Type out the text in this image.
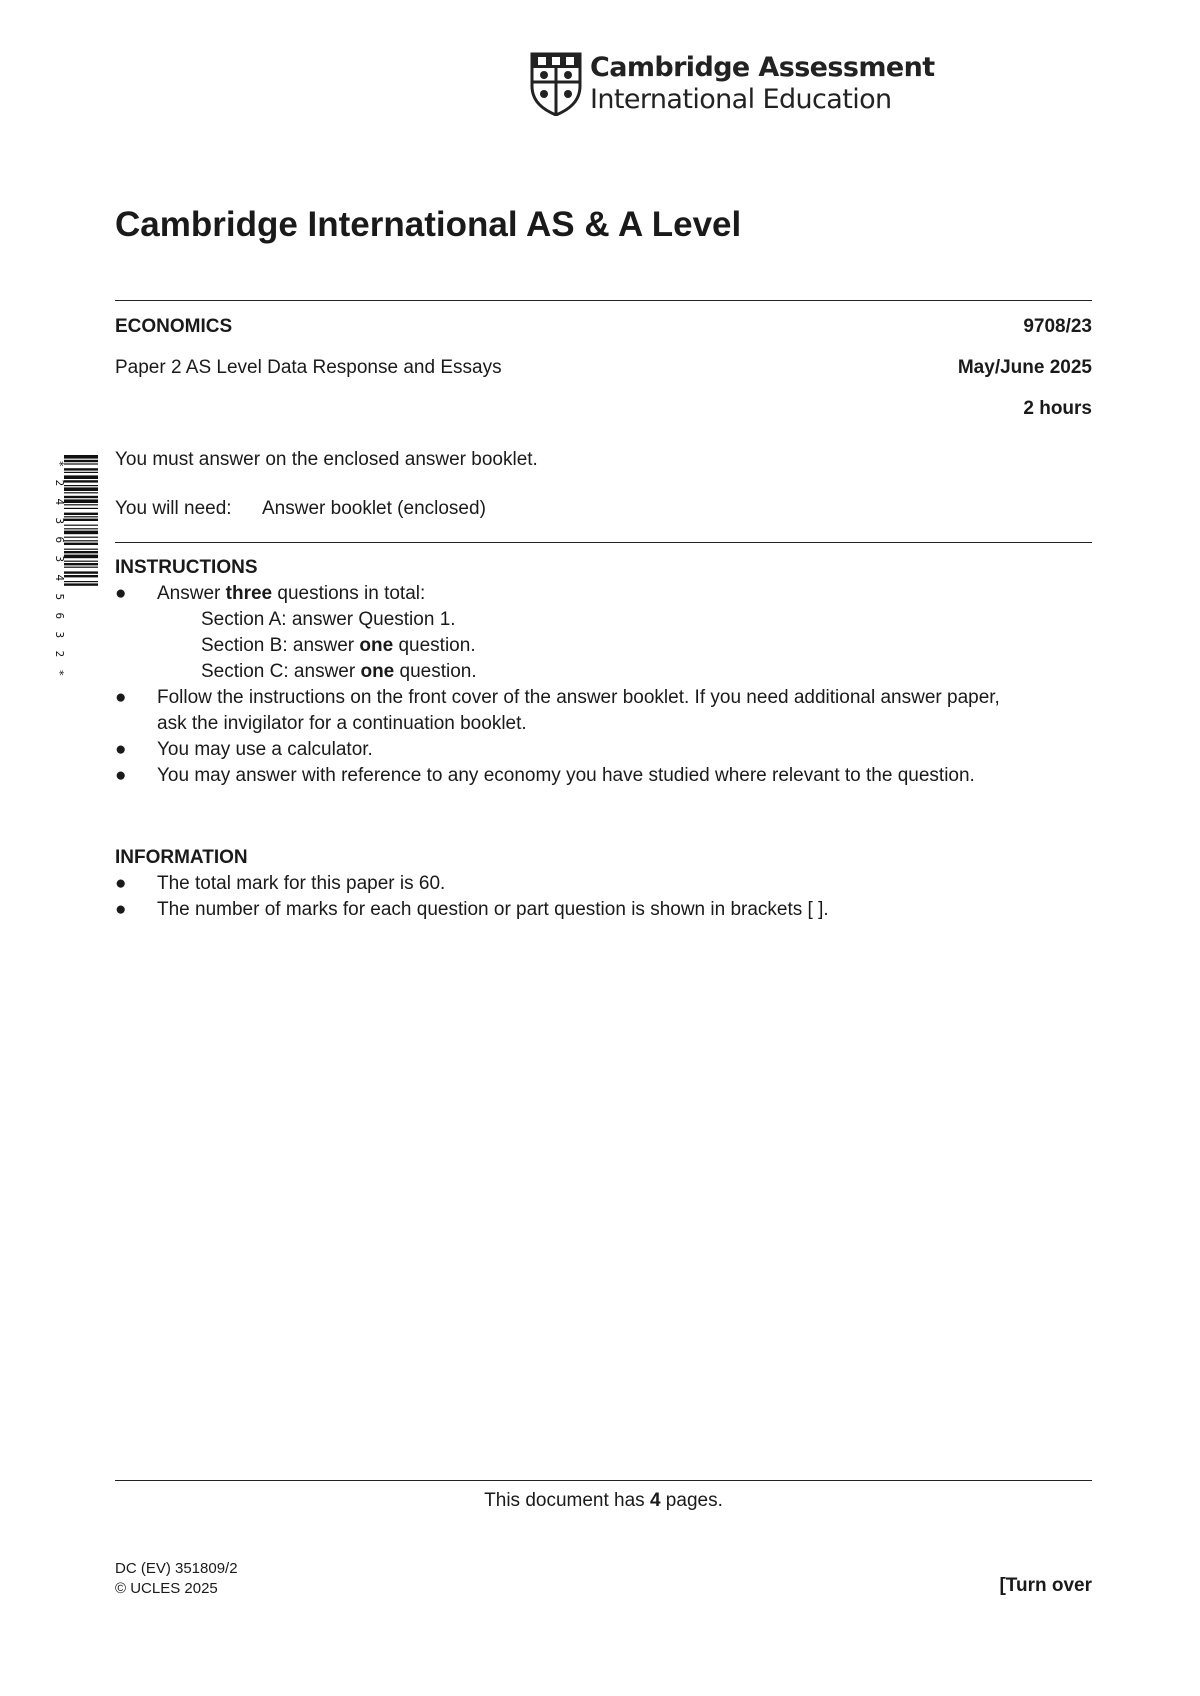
Cambridge Assessment
International Education
Cambridge International AS & A Level
ECONOMICS	9708/23
Paper 2 AS Level Data Response and Essays	May/June 2025
2 hours
*
2
4
3
6
3
4
5
6
3
2
*
You must answer on the enclosed answer booklet.
You will need: Answer booklet (enclosed)
INSTRUCTIONS
● Answer three questions in total:
Section A: answer Question 1.
Section B: answer one question.
Section C: answer one question.
● Follow the instructions on the front cover of the answer booklet. If you need additional answer paper,
ask the invigilator for a continuation booklet.
● You may use a calculator.
● You may answer with reference to any economy you have studied where relevant to the question.
INFORMATION
● The total mark for this paper is 60.
● The number of marks for each question or part question is shown in brackets [ ].
This document has 4 pages.
DC (EV) 351809/2
© UCLES 2025	[Turn over
